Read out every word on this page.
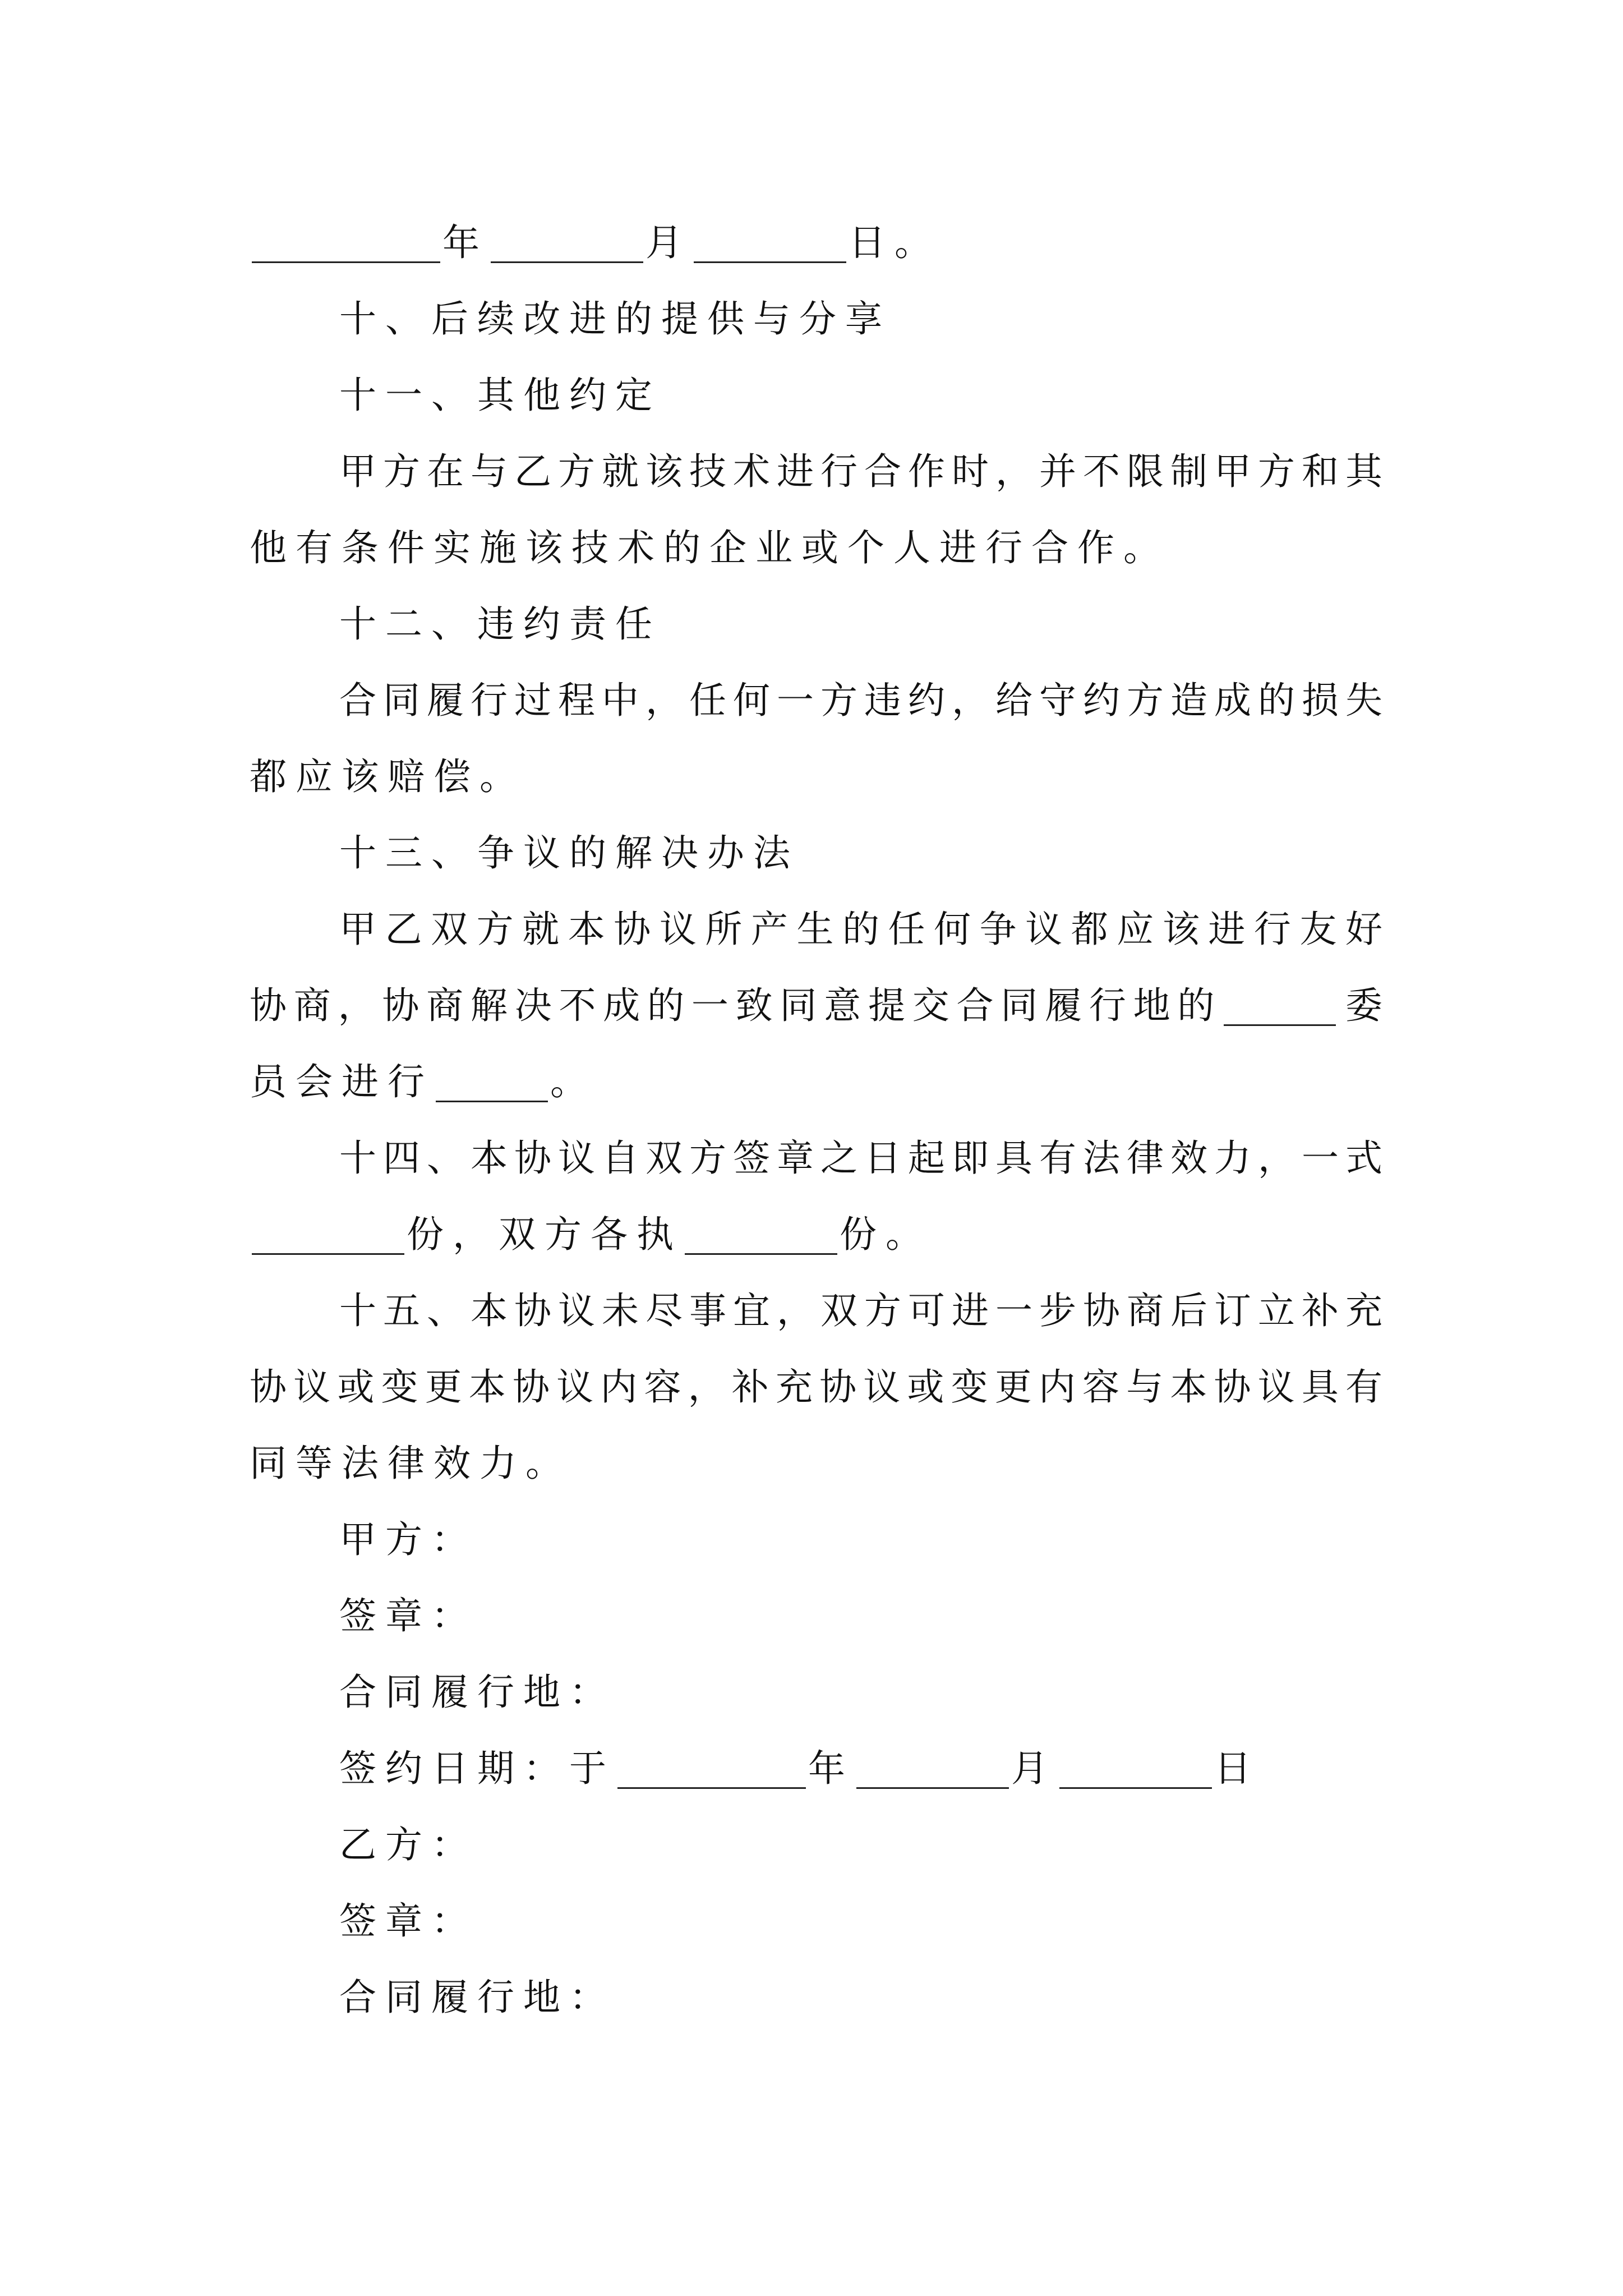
年	月	日。
十、后续改进的提供与分享
十一、其他约定
甲方在与乙方就该技术进行合作时，并不限制甲方和其
他有条件实施该技术的企业或个人进行合作。
十二、违约责任
合同履行过程中，任何一方违约，给守约方造成的损失
都应该赔偿。
十三、争议的解决办法
甲乙双方就本协议所产生的任何争议都应该进行友好
协商，协商解决不成的一致同意提交合同履行地的	委
员会进行	。
十四、本协议自双方签章之日起即具有法律效力，一式
份，双方各执	份。
十五、本协议未尽事宜，双方可进一步协商后订立补充
协议或变更本协议内容，补充协议或变更内容与本协议具有
同等法律效力。
甲方：
签章：
合同履行地：
签约日期：于	年	月	日
乙方：
签章：
合同履行地：
